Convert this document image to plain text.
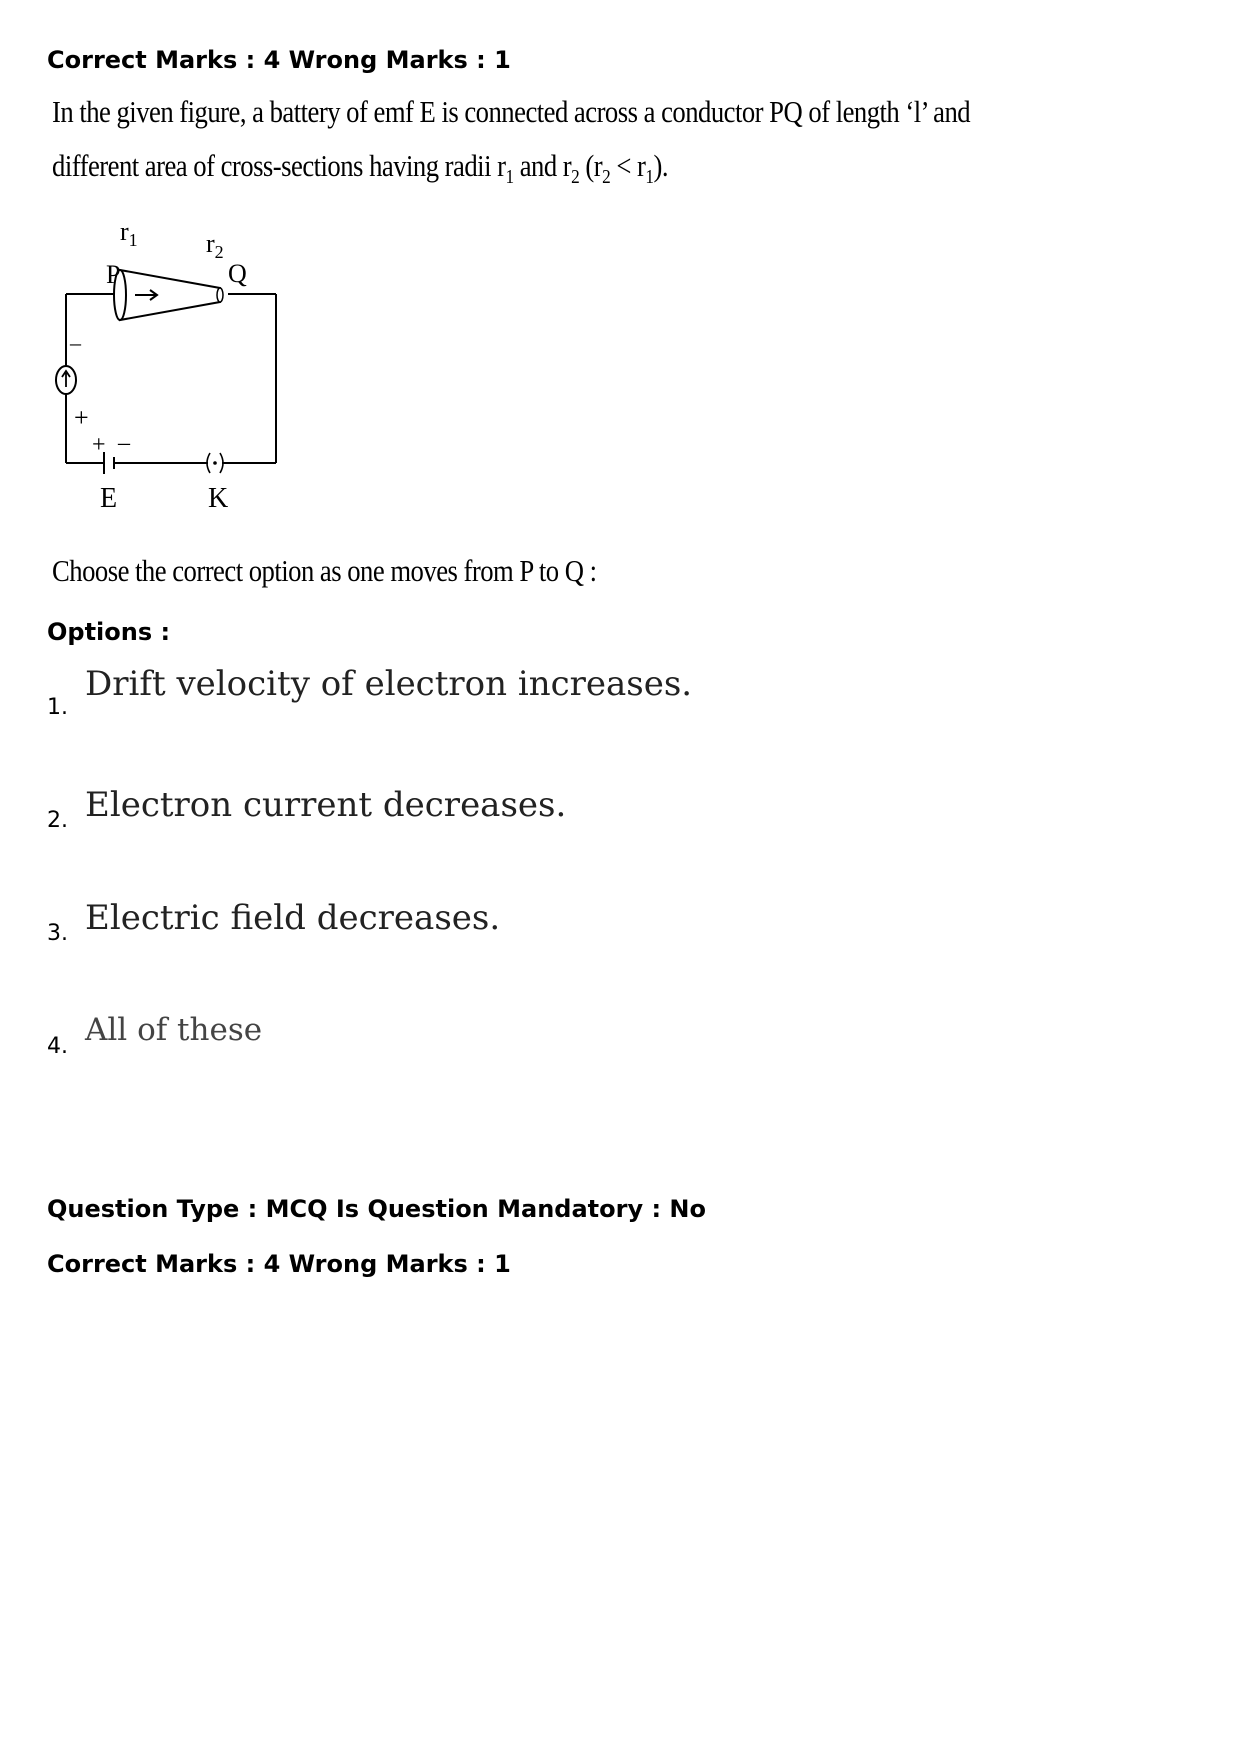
Correct Marks : 4 Wrong Marks : 1
In the given figure, a battery of emf E is connected across a conductor PQ of length ‘l’ and
different area of cross-sections having radii $r_1$ and $r_2$ $(r_2 < r_1)$.
$r_1$	$r_2$
P	Q
–
+
+ –
E	K
Choose the correct option as one moves from P to Q :
Options :
1.
Drift velocity of electron increases.
2. Electron current decreases.
3. Electric field decreases.
4. All of these
Question Type : MCQ Is Question Mandatory : No
Correct Marks : 4 Wrong Marks : 1
